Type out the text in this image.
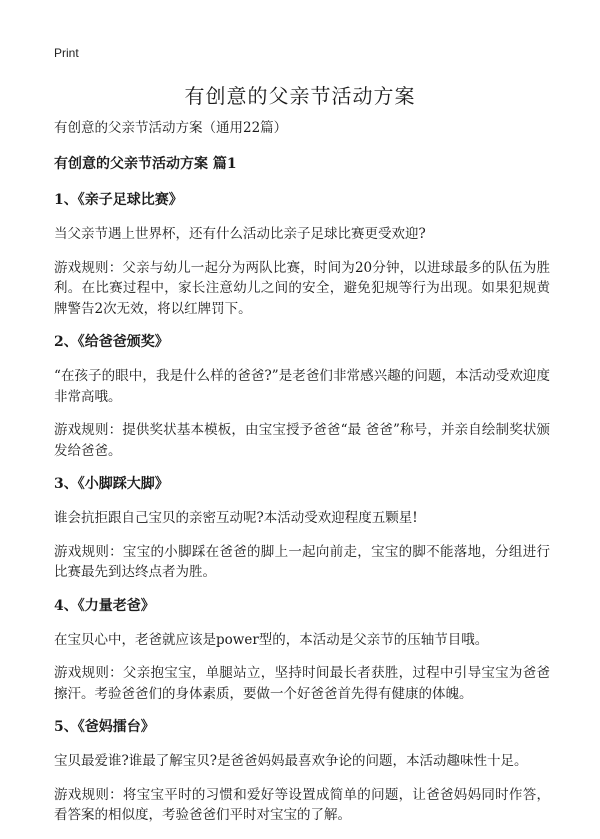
Print
有创意的父亲节活动方案

有创意的父亲节活动方案（通用22篇）

有创意的父亲节活动方案 篇1

1、《亲子足球比赛》

当父亲节遇上世界杯，还有什么活动比亲子足球比赛更受欢迎?

游戏规则：父亲与幼儿一起分为两队比赛，时间为20分钟，以进球最多的队伍为胜利。在比赛过程中，家长注意幼儿之间的安全，避免犯规等行为出现。如果犯规黄牌警告2次无效，将以红牌罚下。

2、《给爸爸颁奖》

“在孩子的眼中，我是什么样的爸爸?”是老爸们非常感兴趣的问题，本活动受欢迎度非常高哦。

游戏规则：提供奖状基本模板，由宝宝授予爸爸“最 爸爸”称号，并亲自绘制奖状颁发给爸爸。

3、《小脚踩大脚》

谁会抗拒跟自己宝贝的亲密互动呢?本活动受欢迎程度五颗星!

游戏规则：宝宝的小脚踩在爸爸的脚上一起向前走，宝宝的脚不能落地，分组进行比赛最先到达终点者为胜。

4、《力量老爸》

在宝贝心中，老爸就应该是power型的，本活动是父亲节的压轴节目哦。

游戏规则：父亲抱宝宝，单腿站立，坚持时间最长者获胜，过程中引导宝宝为爸爸擦汗。考验爸爸们的身体素质，要做一个好爸爸首先得有健康的体魄。

5、《爸妈擂台》

宝贝最爱谁?谁最了解宝贝?是爸爸妈妈最喜欢争论的问题，本活动趣味性十足。

游戏规则：将宝宝平时的习惯和爱好等设置成简单的问题，让爸爸妈妈同时作答，看答案的相似度，考验爸爸们平时对宝宝的了解。
